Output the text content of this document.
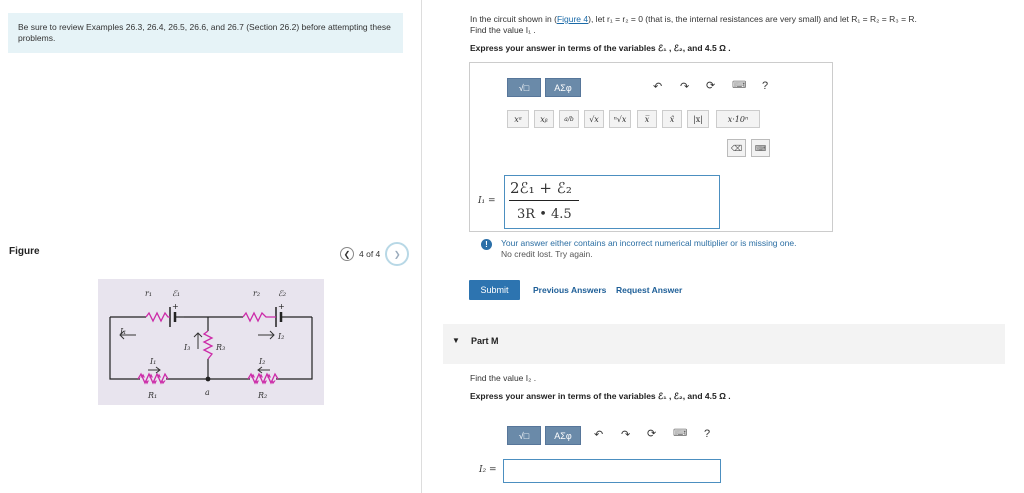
Be sure to review Examples 26.3, 26.4, 26.5, 26.6, and 26.7 (Section 26.2) before attempting these problems.
Figure	❮	4 of 4	❯
+	+
r₁ ℰ₁	r₂ ℰ₂
I₁
I₂
I₃	R₃
I₁	I₂
R₁	a	R₂
In the circuit shown in (Figure 4), let r₁ = r₂ = 0 (that is, the internal resistances are very small) and let R₁ = R₂ = R₃ = R.
Find the value I₁ .
Express your answer in terms of the variables ℰ₁ , ℰ₂, and 4.5 Ω .
√□	ΑΣφ	↶ ↷ ⟳ ⌨ ?
xᵃ	xᵦ	a/b	√x	ⁿ√x	x̅	x̂	|x|	x·10ⁿ
⌫	⌨
I₁ =
2ℰ₁ + ℰ₂
3R • 4.5
!	Your answer either contains an incorrect numerical multiplier or is missing one.
No credit lost. Try again.
Submit	Previous Answers Request Answer
▼ Part M
Find the value I₂ .
Express your answer in terms of the variables ℰ₁ , ℰ₂, and 4.5 Ω .
√□	ΑΣφ ↶ ↷ ⟳ ⌨ ?
I₂ =
